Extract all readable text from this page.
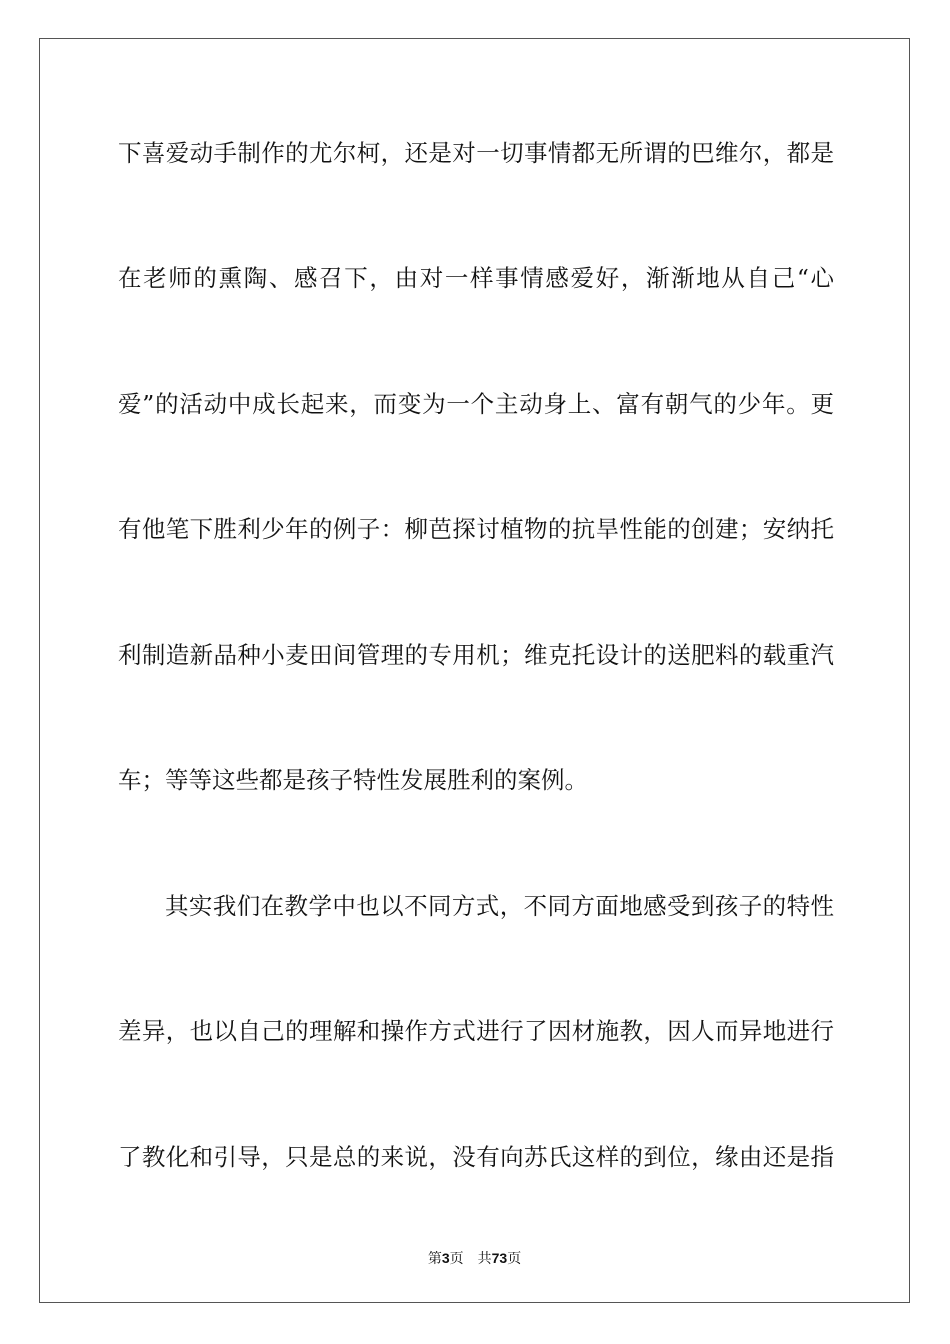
下喜爱动手制作的尤尔柯，还是对一切事情都无所谓的巴维尔，都是
在老师的熏陶、感召下，由对一样事情感爱好，渐渐地从自己“心
爱”的活动中成长起来，而变为一个主动身上、富有朝气的少年。更
有他笔下胜利少年的例子：柳芭探讨植物的抗旱性能的创建；安纳托
利制造新品种小麦田间管理的专用机；维克托设计的送肥料的载重汽
车；等等这些都是孩子特性发展胜利的案例。
其实我们在教学中也以不同方式，不同方面地感受到孩子的特性
差异，也以自己的理解和操作方式进行了因材施教，因人而异地进行
了教化和引导，只是总的来说，没有向苏氏这样的到位，缘由还是指
第3页 共73页
